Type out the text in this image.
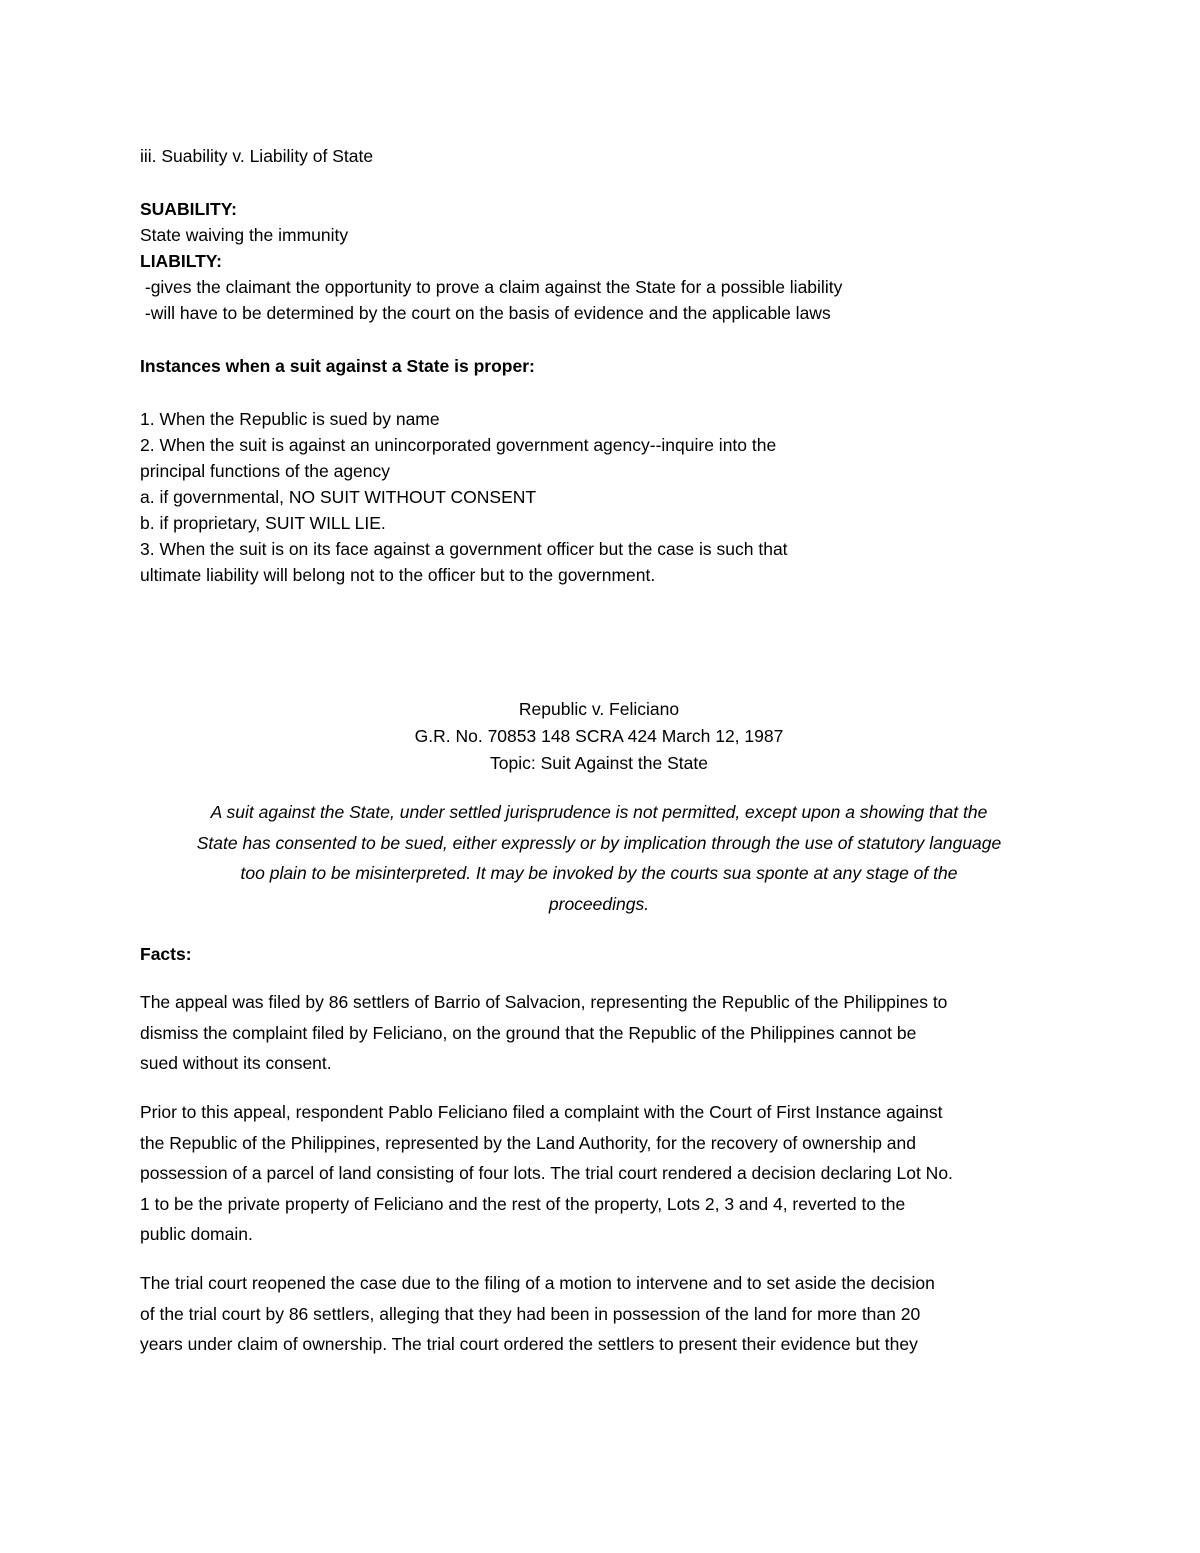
iii. Suability v. Liability of State
SUABILITY:
State waiving the immunity
LIABILTY:
-gives the claimant the opportunity to prove a claim against the State for a possible liability
-will have to be determined by the court on the basis of evidence and the applicable laws
Instances when a suit against a State is proper:
1. When the Republic is sued by name
2. When the suit is against an unincorporated government agency--inquire into the
principal functions of the agency
a. if governmental, NO SUIT WITHOUT CONSENT
b. if proprietary, SUIT WILL LIE.
3. When the suit is on its face against a government officer but the case is such that
ultimate liability will belong not to the officer but to the government.
Republic v. Feliciano
G.R. No. 70853 148 SCRA 424 March 12, 1987
Topic: Suit Against the State
A suit against the State, under settled jurisprudence is not permitted, except upon a showing that the
State has consented to be sued, either expressly or by implication through the use of statutory language
too plain to be misinterpreted. It may be invoked by the courts sua sponte at any stage of the
proceedings.
Facts:
The appeal was filed by 86 settlers of Barrio of Salvacion, representing the Republic of the Philippines to
dismiss the complaint filed by Feliciano, on the ground that the Republic of the Philippines cannot be
sued without its consent.
Prior to this appeal, respondent Pablo Feliciano filed a complaint with the Court of First Instance against
the Republic of the Philippines, represented by the Land Authority, for the recovery of ownership and
possession of a parcel of land consisting of four lots. The trial court rendered a decision declaring Lot No.
1 to be the private property of Feliciano and the rest of the property, Lots 2, 3 and 4, reverted to the
public domain.
The trial court reopened the case due to the filing of a motion to intervene and to set aside the decision
of the trial court by 86 settlers, alleging that they had been in possession of the land for more than 20
years under claim of ownership. The trial court ordered the settlers to present their evidence but they
